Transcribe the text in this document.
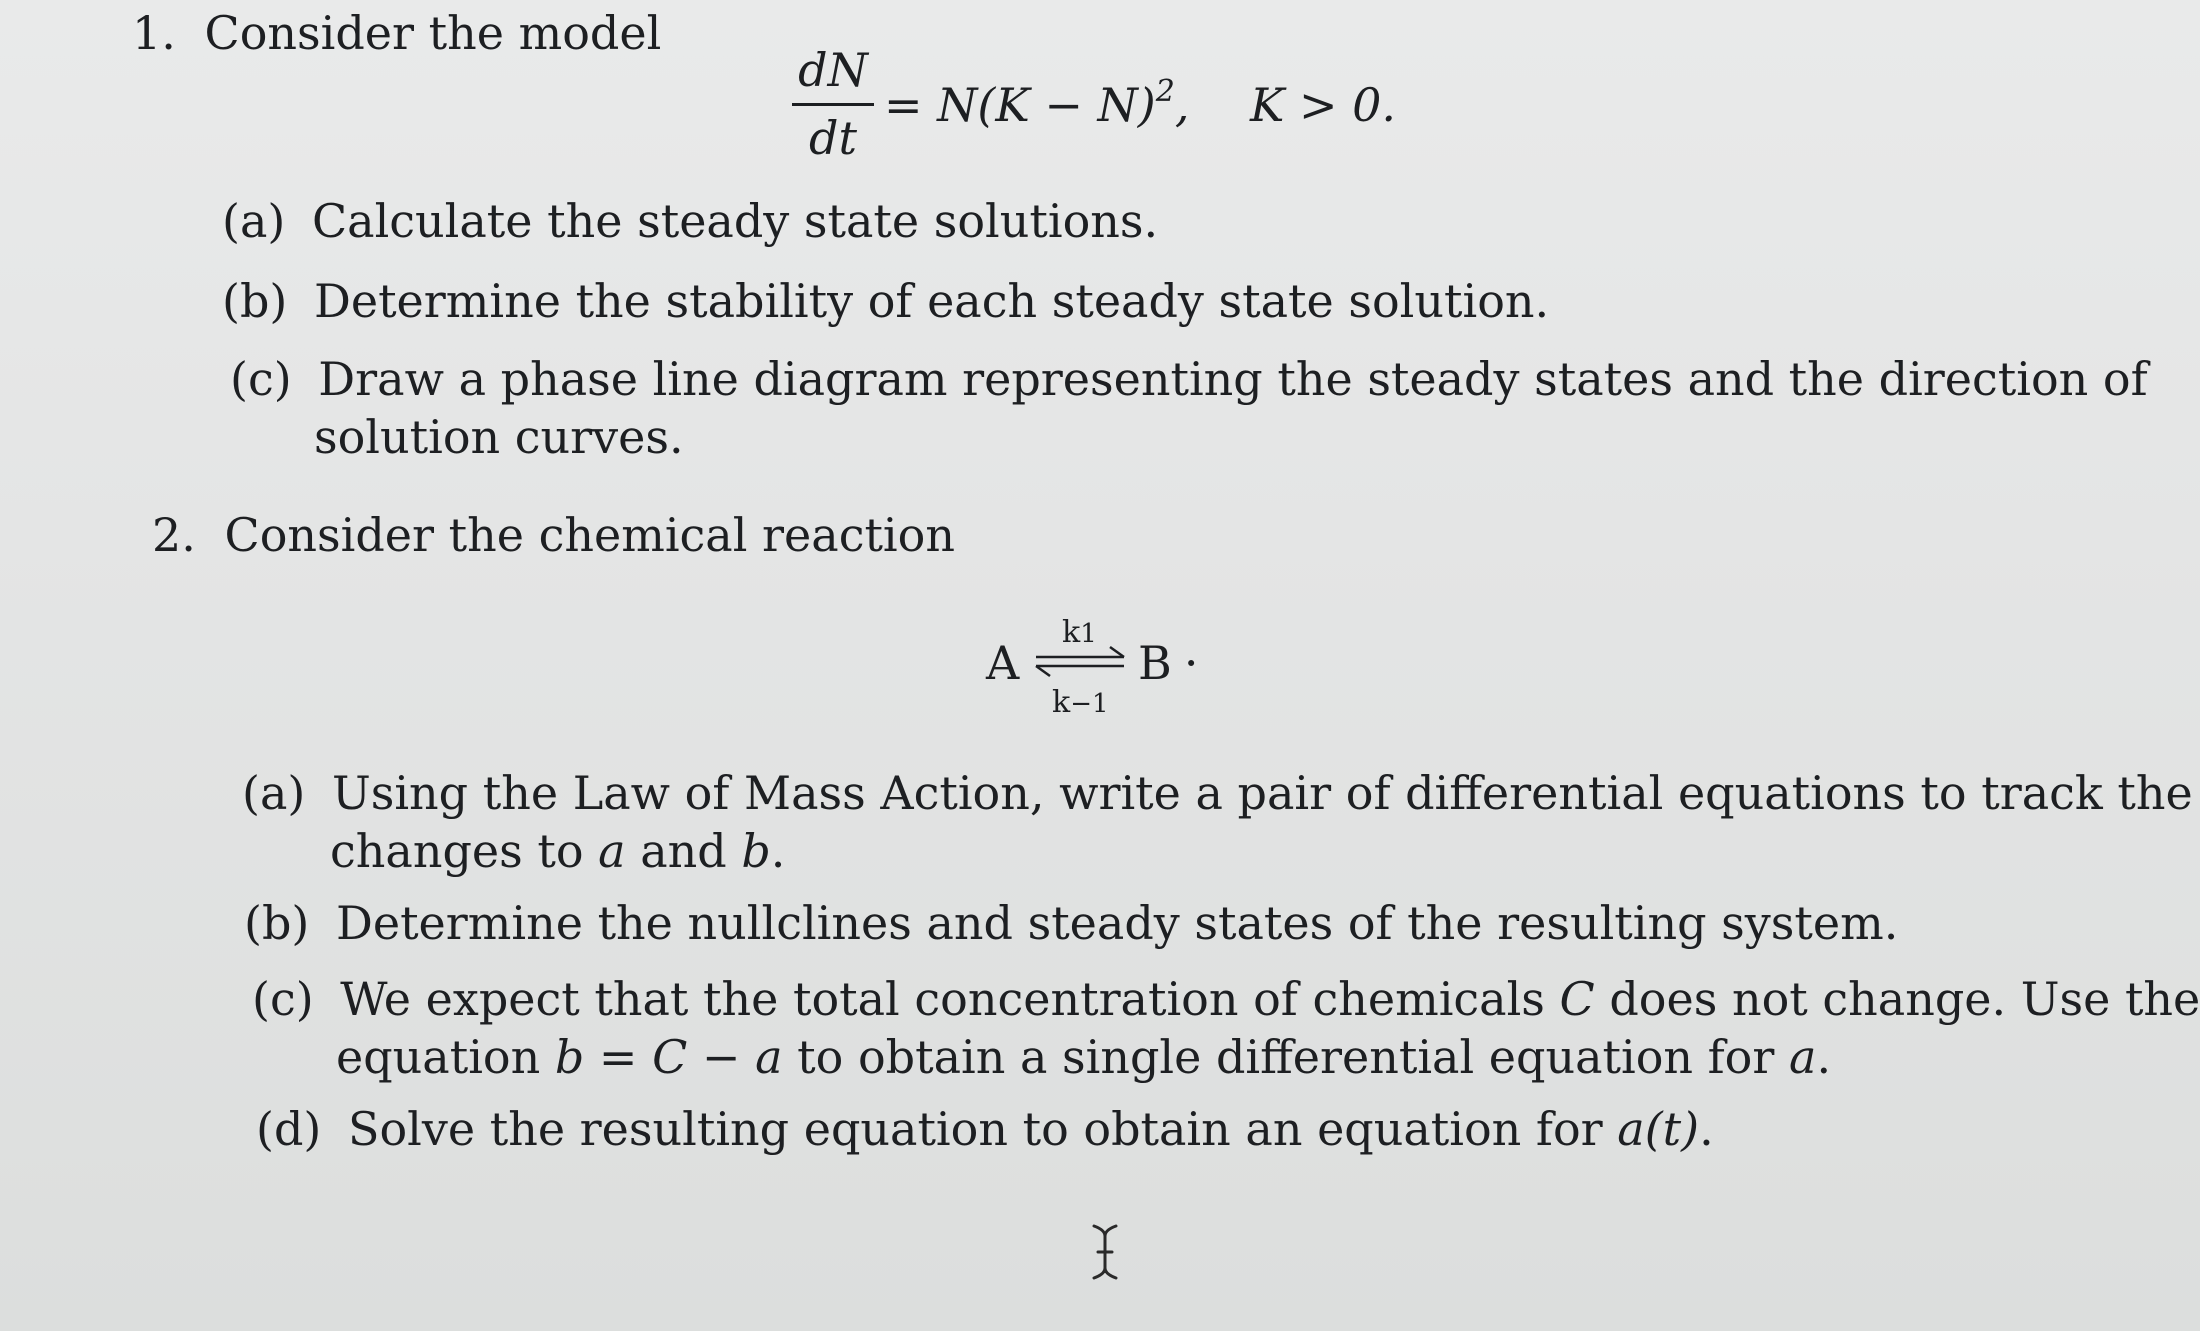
1. Consider the model
dN
dt
= $N(K - N)^2$, K > 0.
(a) Calculate the steady state solutions.
(b) Determine the stability of each steady state solution.
(c) Draw a phase line diagram representing the steady states and the direction of
solution curves.
2. Consider the chemical reaction
A
k1
k−1
B ·
(a) Using the Law of Mass Action, write a pair of differential equations to track the
changes to a and b.
(b) Determine the nullclines and steady states of the resulting system.
(c) We expect that the total concentration of chemicals C does not change. Use the
equation b = C − a to obtain a single differential equation for a.
(d) Solve the resulting equation to obtain an equation for a(t).
